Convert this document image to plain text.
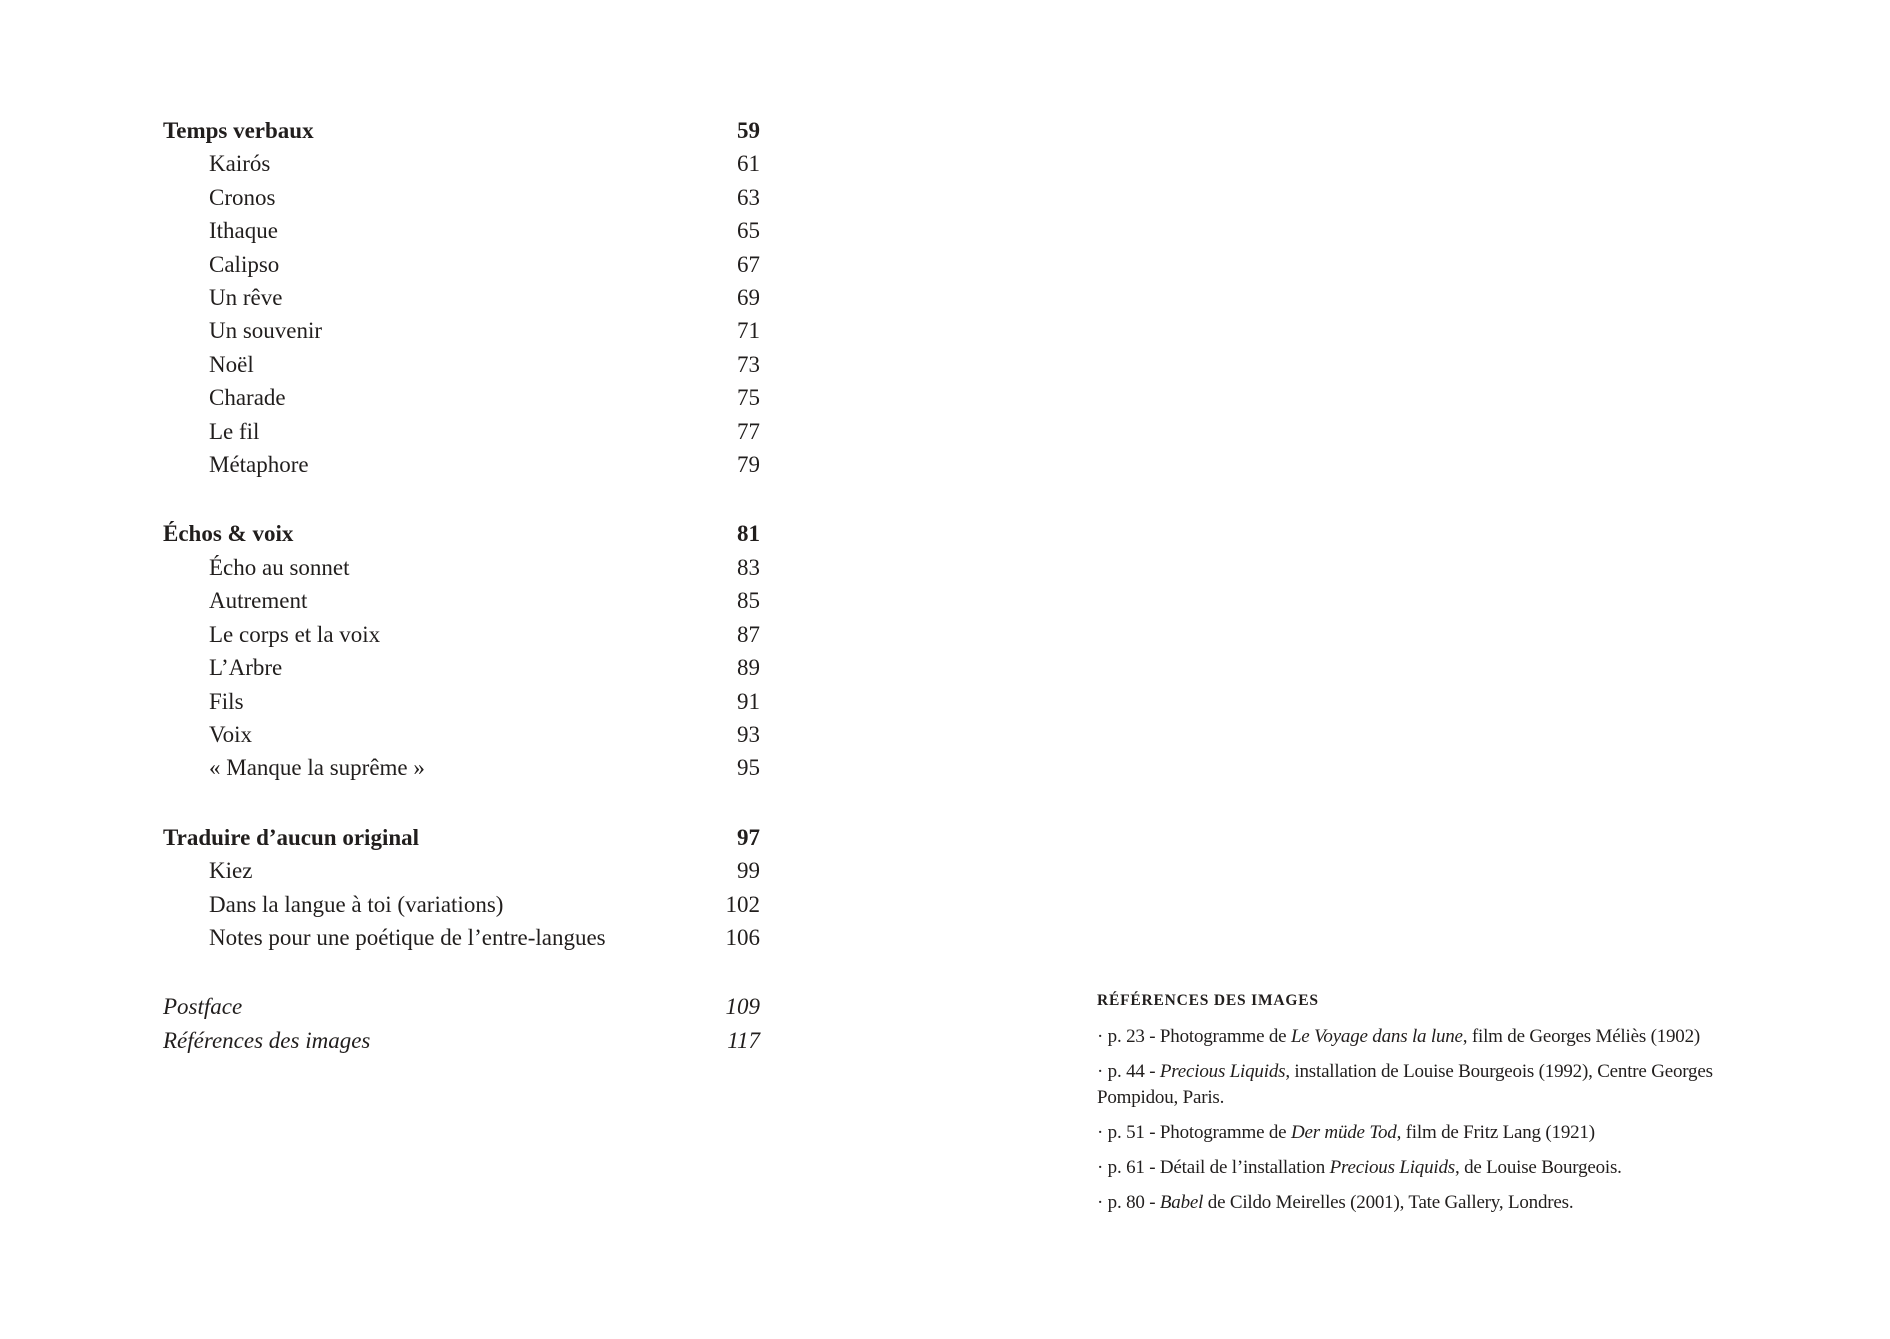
Temps verbaux	59
Kairós	61
Cronos	63
Ithaque	65
Calipso	67
Un rêve	69
Un souvenir	71
Noël	73
Charade	75
Le fil	77
Métaphore	79
Échos & voix	81
Écho au sonnet	83
Autrement	85
Le corps et la voix	87
L’Arbre	89
Fils	91
Voix	93
« Manque la suprême »	95
Traduire d’aucun original	97
Kiez	99
Dans la langue à toi (variations)	102
Notes pour une poétique de l’entre-langues	106
Postface	109
Références des images	117
RÉFÉRENCES DES IMAGES

· p. 23 - Photogramme de Le Voyage dans la lune, film de Georges Méliès (1902)

· p. 44 - Precious Liquids, installation de Louise Bourgeois (1992), Centre Georges Pompidou, Paris.

· p. 51 - Photogramme de Der müde Tod, film de Fritz Lang (1921)

· p. 61 - Détail de l’installation Precious Liquids, de Louise Bourgeois.

· p. 80 - Babel de Cildo Meirelles (2001), Tate Gallery, Londres.
